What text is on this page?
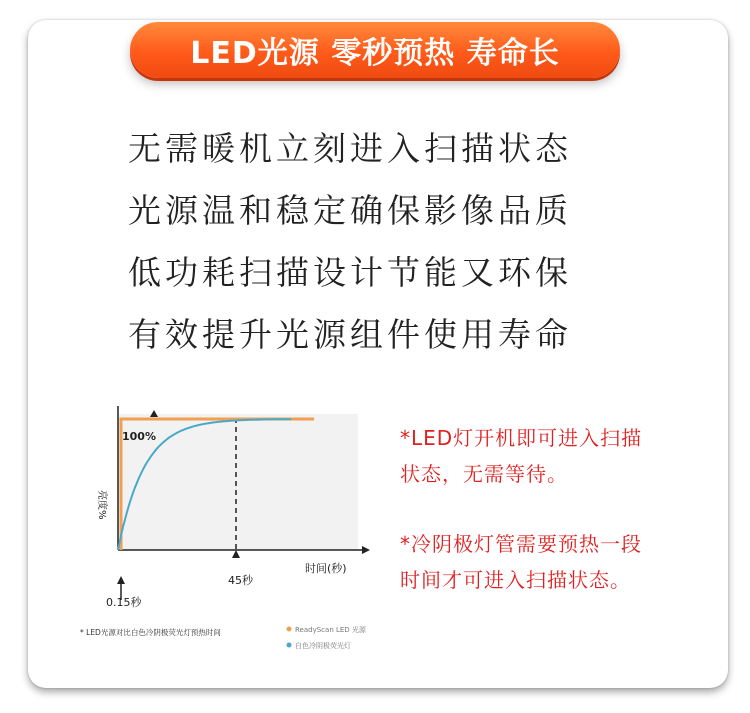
LED光源 零秒预热 寿命长
无需暖机立刻进入扫描状态
光源温和稳定确保影像品质
低功耗扫描设计节能又环保
有效提升光源组件使用寿命
100%
亮度%
时间(秒)
45秒
0.15秒
* LED光源对比白色冷阴极荧光灯预热时间	ReadyScan LED 光源
白色冷阴极荧光灯
*LED灯开机即可进入扫描
状态，无需等待。
*冷阴极灯管需要预热一段
时间才可进入扫描状态。
